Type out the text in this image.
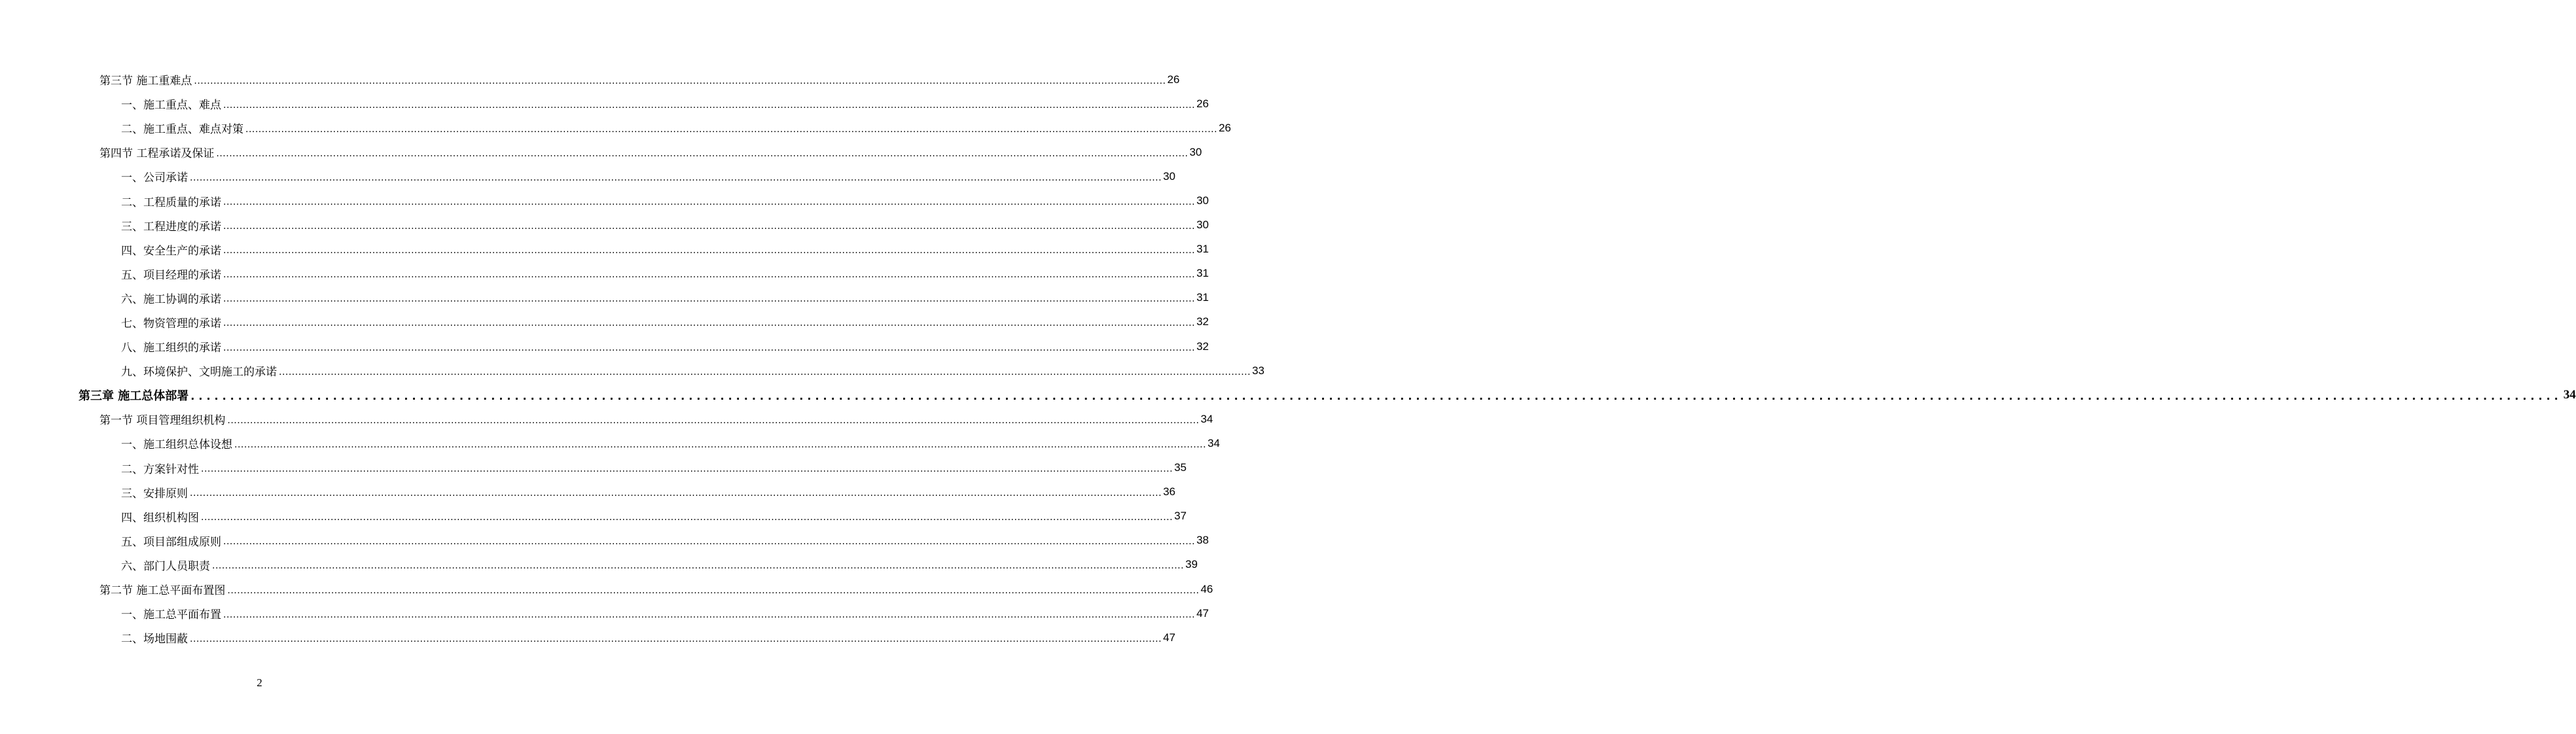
第三节 施工重难点 ............................................................................................................................................................................................................................................................................................................ 26
一、施工重点、难点 ............................................................................................................................................................................................................................................................................................................ 26
二、施工重点、难点对策 ............................................................................................................................................................................................................................................................................................................ 26
第四节 工程承诺及保证 ............................................................................................................................................................................................................................................................................................................ 30
一、公司承诺 ............................................................................................................................................................................................................................................................................................................ 30
二、工程质量的承诺 ............................................................................................................................................................................................................................................................................................................ 30
三、工程进度的承诺 ............................................................................................................................................................................................................................................................................................................ 30
四、安全生产的承诺 ............................................................................................................................................................................................................................................................................................................ 31
五、项目经理的承诺 ............................................................................................................................................................................................................................................................................................................ 31
六、施工协调的承诺 ............................................................................................................................................................................................................................................................................................................ 31
七、物资管理的承诺 ............................................................................................................................................................................................................................................................................................................ 32
八、施工组织的承诺 ............................................................................................................................................................................................................................................................................................................ 32
九、环境保护、文明施工的承诺 ............................................................................................................................................................................................................................................................................................................ 33
第三章 施工总体部署 ............................................................................................................................................................................................................................................................................................................ 34
第一节 项目管理组织机构 ............................................................................................................................................................................................................................................................................................................ 34
一、施工组织总体设想 ............................................................................................................................................................................................................................................................................................................ 34
二、方案针对性 ............................................................................................................................................................................................................................................................................................................ 35
三、安排原则 ............................................................................................................................................................................................................................................................................................................ 36
四、组织机构图 ............................................................................................................................................................................................................................................................................................................ 37
五、项目部组成原则 ............................................................................................................................................................................................................................................................................................................ 38
六、部门人员职责 ............................................................................................................................................................................................................................................................................................................ 39
第二节 施工总平面布置图 ............................................................................................................................................................................................................................................................................................................ 46
一、施工总平面布置 ............................................................................................................................................................................................................................................................................................................ 47
二、场地围蔽 ............................................................................................................................................................................................................................................................................................................ 47
2
